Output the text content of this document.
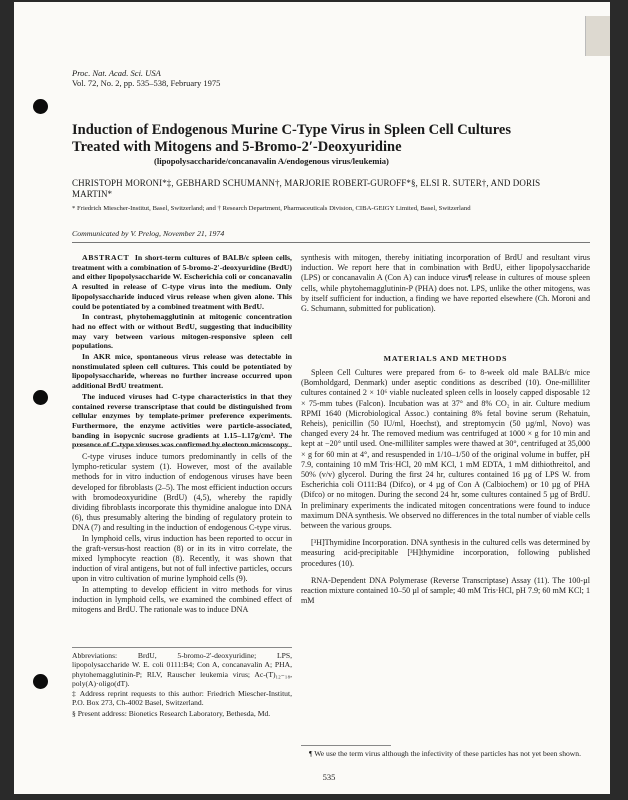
Proc. Nat. Acad. Sci. USA
Vol. 72, No. 2, pp. 535–538, February 1975
Induction of Endogenous Murine C-Type Virus in Spleen Cell Cultures Treated with Mitogens and 5-Bromo-2′-Deoxyuridine
(lipopolysaccharide/concanavalin A/endogenous virus/leukemia)
CHRISTOPH MORONI*‡, GEBHARD SCHUMANN†, MARJORIE ROBERT-GUROFF*§, ELSI R. SUTER†, AND DORIS MARTIN*
* Friedrich Miescher-Institut, Basel, Switzerland; and † Research Department, Pharmaceuticals Division, CIBA-GEIGY Limited, Basel, Switzerland
Communicated by V. Prelog, November 21, 1974

ABSTRACT In short-term cultures of BALB/c spleen cells, treatment with a combination of 5-bromo-2′-deoxyuridine (BrdU) and either lipopolysaccharide W. Escherichia coli or concanavalin A resulted in release of C-type virus into the medium. Only lipopolysaccharide induced virus release when given alone. This could be potentiated by a combined treatment with BrdU.

In contrast, phytohemagglutinin at mitogenic concentration had no effect with or without BrdU, suggesting that inducibility may vary between various mitogen-responsive spleen cell populations.

In AKR mice, spontaneous virus release was detectable in nonstimulated spleen cell cultures. This could be potentiated by lipopolysaccharide, whereas no further increase occurred upon additional BrdU treatment.

The induced viruses had C-type characteristics in that they contained reverse transcriptase that could be distinguished from cellular enzymes by template-primer preference experiments. Furthermore, the enzyme activities were particle-associated, banding in isopycnic sucrose gradients at 1.15–1.17g/cm³. The presence of C-type viruses was confirmed by electron microscopy.

C-type viruses induce tumors predominantly in cells of the lympho-reticular system (1). However, most of the available methods for in vitro induction of endogenous viruses have been developed for fibroblasts (2–5). The most efficient induction occurs with bromodeoxyuridine (BrdU) (4,5), whereby the rapidly dividing fibroblasts incorporate this thymidine analogue into DNA (6), thus presumably altering the binding of regulatory protein to DNA (7) and resulting in the induction of endogenous C-type virus.

In lymphoid cells, virus induction has been reported to occur in the graft-versus-host reaction (8) or in its in vitro correlate, the mixed lymphocyte reaction (8). Recently, it was shown that induction of viral antigens, but not of full infective particles, occurs upon in vitro cultivation of murine lymphoid cells (9).

In attempting to develop efficient in vitro methods for virus induction in lymphoid cells, we examined the combined effect of mitogens and BrdU. The rationale was to induce DNA

Abbreviations: BrdU, 5-bromo-2′-deoxyuridine; LPS, lipopolysaccharide W. E. coli 0111:B4; Con A, concanavalin A; PHA, phytohemagglutinin-P; RLV, Rauscher leukemia virus; Ac-(T)₁₂₋₁₈, poly(A)·oligo(dT).

‡ Address reprint requests to this author: Friedrich Miescher-Institut, P.O. Box 273, Ch-4002 Basel, Switzerland.

§ Present address: Bionetics Research Laboratory, Bethesda, Md.

synthesis with mitogen, thereby initiating incorporation of BrdU and resultant virus induction. We report here that in combination with BrdU, either lipopolysaccharide (LPS) or concanavalin A (Con A) can induce virus¶ release in cultures of mouse spleen cells, while phytohemagglutinin-P (PHA) does not. LPS, unlike the other mitogens, was by itself sufficient for induction, a finding we have reported elsewhere (Ch. Moroni and G. Schumann, submitted for publication).

MATERIALS AND METHODS

Spleen Cell Cultures were prepared from 6- to 8-week old male BALB/c mice (Bomholdgard, Denmark) under aseptic conditions as described (10). One-milliliter cultures contained 2 × 10⁶ viable nucleated spleen cells in loosely capped disposable 12 × 75-mm tubes (Falcon). Incubation was at 37° and 8% CO₂ in air. Culture medium RPMI 1640 (Microbiological Assoc.) containing 8% fetal bovine serum (Rehatuin, Reheis), penicillin (50 IU/ml, Hoechst), and streptomycin (50 µg/ml, Novo) was changed every 24 hr. The removed medium was centrifuged at 1000 × g for 10 min and kept at −20° until used. One-milliliter samples were thawed at 30°, centrifuged at 35,000 × g for 60 min at 4°, and resuspended in 1/10–1/50 of the original volume in buffer, pH 7.9, containing 10 mM Tris·HCl, 20 mM KCl, 1 mM EDTA, 1 mM dithiothreitol, and 50% (v/v) glycerol. During the first 24 hr, cultures contained 16 µg of LPS W. from Escherichia coli O111:B4 (Difco), or 4 µg of Con A (Calbiochem) or 10 µg of PHA (Difco) or no mitogen. During the second 24 hr, some cultures contained 5 µg of BrdU. In preliminary experiments the indicated mitogen concentrations were found to induce maximum DNA synthesis. We observed no differences in the total number of viable cells between the various groups.

[³H]Thymidine Incorporation. DNA synthesis in the cultured cells was determined by measuring acid-precipitable [³H]thymidine incorporation, following published procedures (10).

RNA-Dependent DNA Polymerase (Reverse Transcriptase) Assay (11). The 100-µl reaction mixture contained 10–50 µl of sample; 40 mM Tris·HCl, pH 7.9; 60 mM KCl; 1 mM

¶ We use the term virus although the infectivity of these particles has not yet been shown.
535
